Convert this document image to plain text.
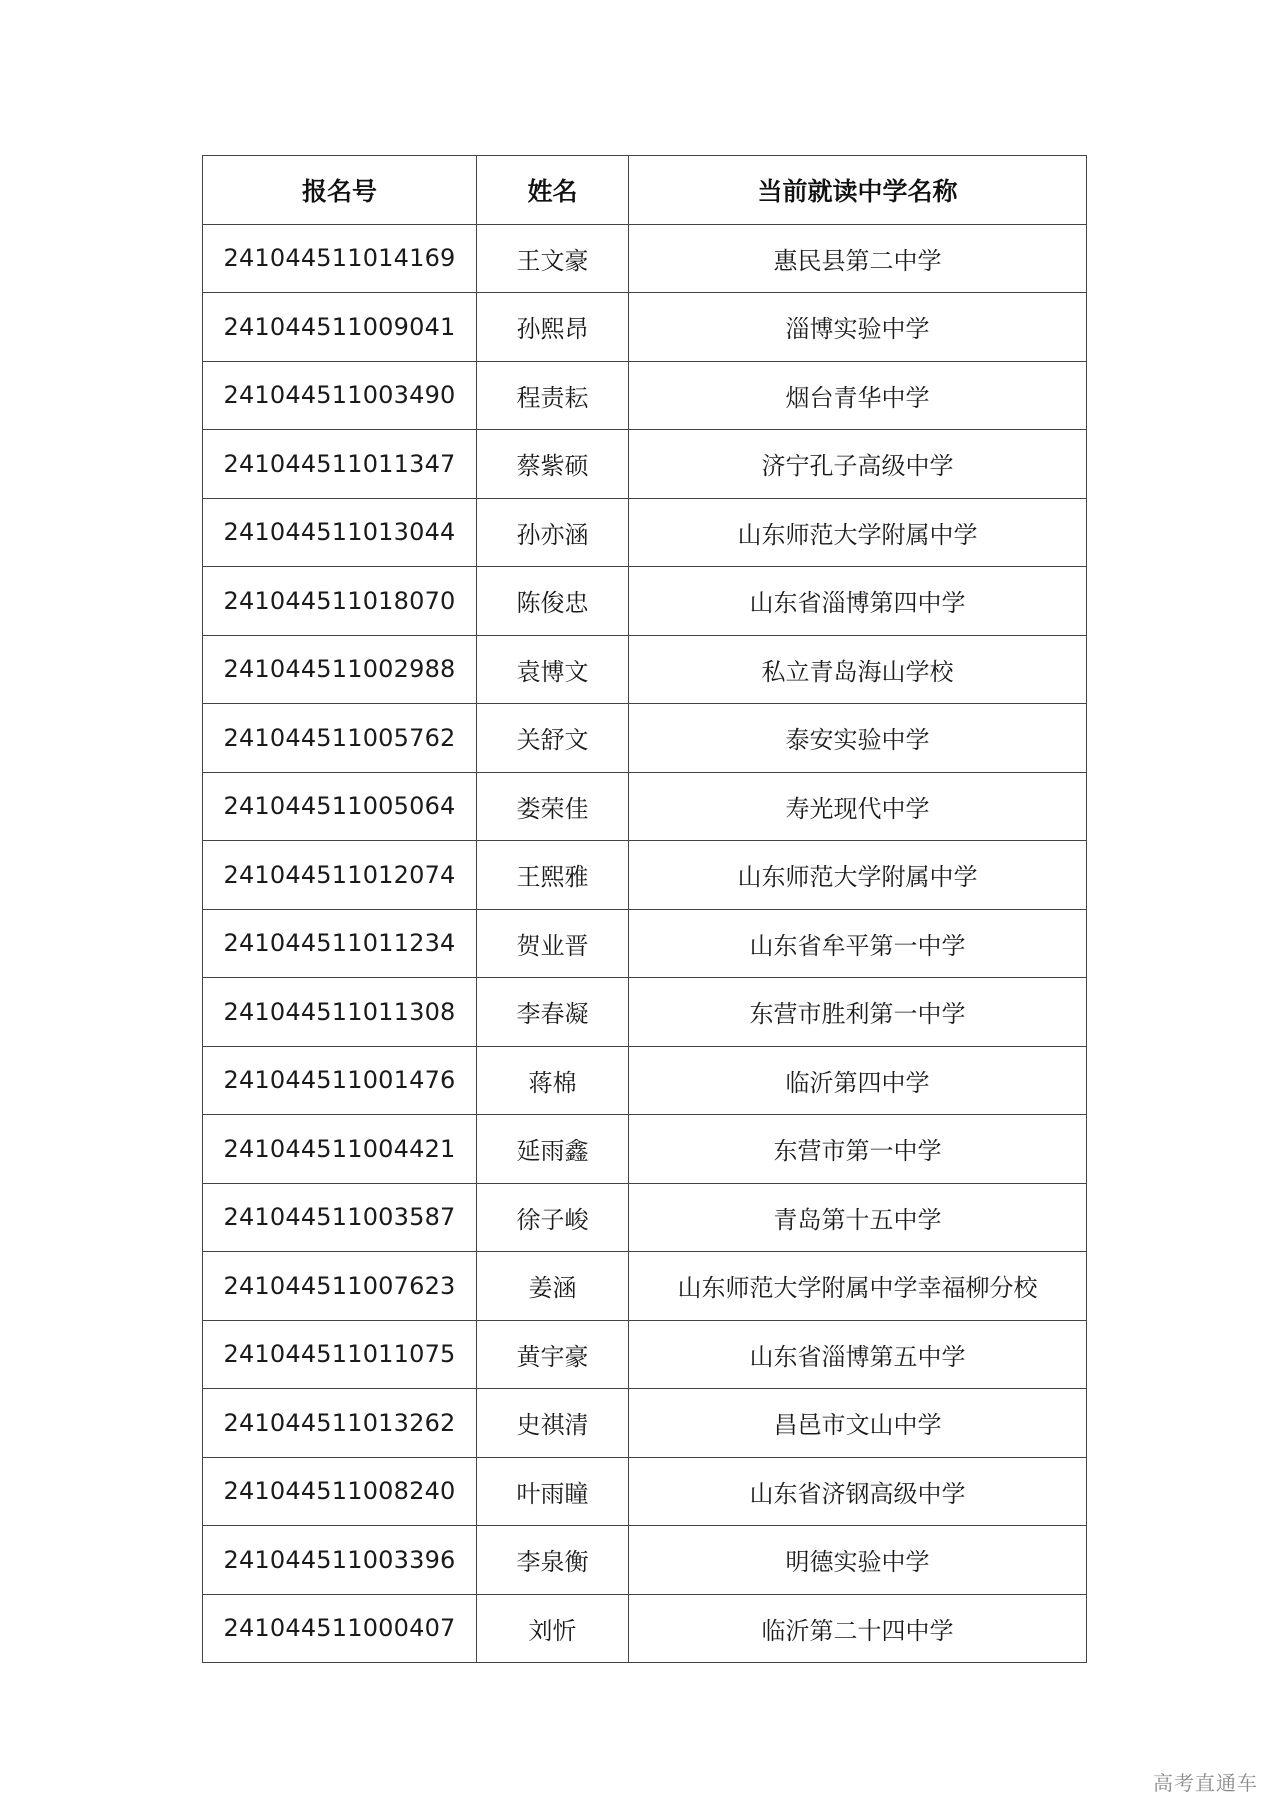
报名号	姓名	当前就读中学名称
241044511014169	王文豪	惠民县第二中学
241044511009041	孙熙昂	淄博实验中学
241044511003490	程责耘	烟台青华中学
241044511011347	蔡紫硕	济宁孔子高级中学
241044511013044	孙亦涵	山东师范大学附属中学
241044511018070	陈俊忠	山东省淄博第四中学
241044511002988	袁博文	私立青岛海山学校
241044511005762	关舒文	泰安实验中学
241044511005064	娄荣佳	寿光现代中学
241044511012074	王熙雅	山东师范大学附属中学
241044511011234	贺业晋	山东省牟平第一中学
241044511011308	李春凝	东营市胜利第一中学
241044511001476	蒋棉	临沂第四中学
241044511004421	延雨鑫	东营市第一中学
241044511003587	徐子峻	青岛第十五中学
241044511007623	姜涵	山东师范大学附属中学幸福柳分校
241044511011075	黄宇豪	山东省淄博第五中学
241044511013262	史祺清	昌邑市文山中学
241044511008240	叶雨瞳	山东省济钢高级中学
241044511003396	李泉衡	明德实验中学
241044511000407	刘忻	临沂第二十四中学
高考直通车
